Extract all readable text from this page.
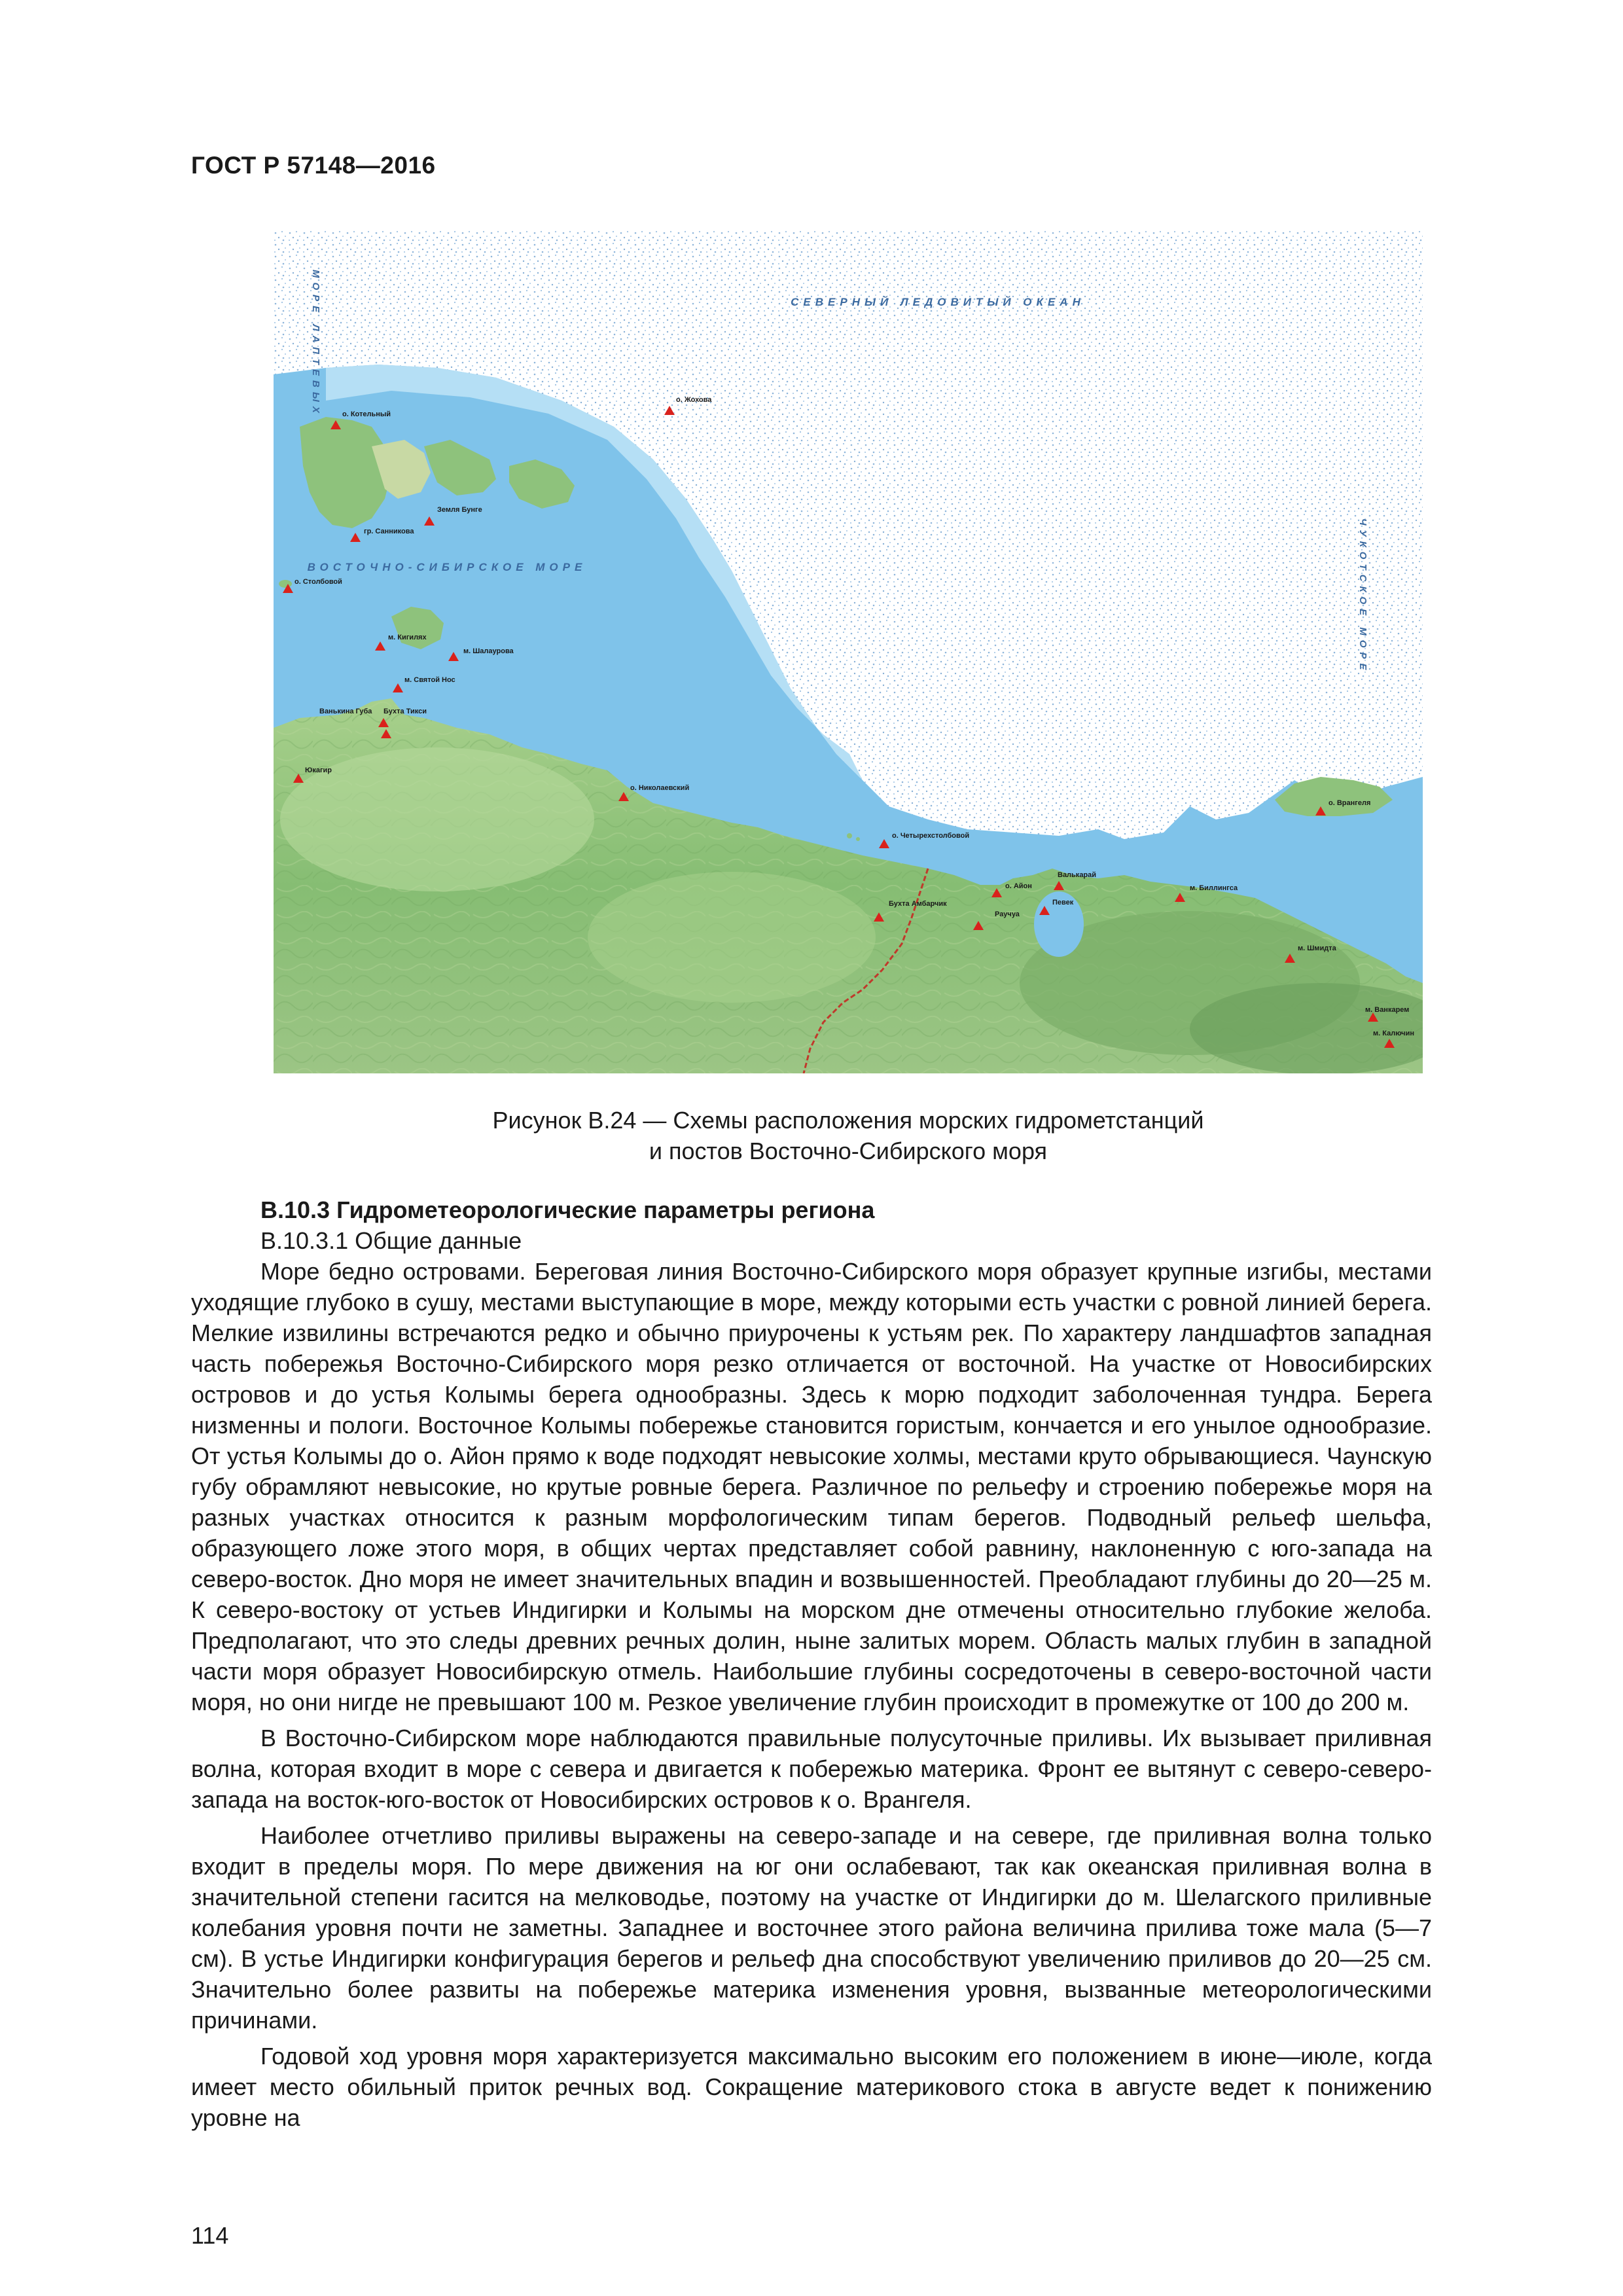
ГОСТ Р 57148—2016
СЕВЕРНЫЙ ЛЕДОВИТЫЙ ОКЕАН
ВОСТОЧНО-СИБИРСКОЕ МОРЕ
МОРЕ ЛАПТЕВЫХ
ЧУКОТСКОЕ МОРЕ
о. Жохова
о. Котельный
Земля Бунге
гр. Санникова
о. Столбовой
м. Кигилях
м. Шалаурова
м. Святой Нос
Ванькина Губа Бухта Тикси
Юкагир
о. Николаевский
о. Четырехстолбовой
Бухта Амбарчик
о. Айон
Валькарай
Певек
Раучуа
м. Биллингса
о. Врангеля
м. Шмидта
м. Ванкарем
м. Калючин
Рисунок В.24 — Схемы расположения морских гидрометстанций
и постов Восточно-Сибирского моря
В.10.3 Гидрометеорологические параметры региона
В.10.3.1 Общие данные

Море бедно островами. Береговая линия Восточно-Сибирского моря образует крупные изгибы, местами уходящие глубоко в сушу, местами выступающие в море, между которыми есть участки с ровной линией берега. Мелкие извилины встречаются редко и обычно приурочены к устьям рек. По характеру ландшафтов западная часть побережья Восточно-Сибирского моря резко отличается от восточной. На участке от Новосибирских островов и до устья Колымы берега однообразны. Здесь к морю подходит заболоченная тундра. Берега низменны и пологи. Восточное Колымы побережье становится гористым, кончается и его унылое однообразие. От устья Колымы до о. Айон прямо к воде подходят невысокие холмы, местами круто обрывающиеся. Чаунскую губу обрамляют невысокие, но крутые ровные берега. Различное по рельефу и строению побережье моря на разных участках относится к разным морфологическим типам берегов. Подводный рельеф шельфа, образующего ложе этого моря, в общих чертах представляет собой равнину, наклоненную с юго-запада на северо-восток. Дно моря не имеет значительных впадин и возвышенностей. Преобладают глубины до 20—25 м. К северо-востоку от устьев Индигирки и Колымы на морском дне отмечены относительно глубокие желоба. Предполагают, что это следы древних речных долин, ныне залитых морем. Область малых глубин в западной части моря образует Новосибирскую отмель. Наибольшие глубины сосредоточены в северо-восточной части моря, но они нигде не превышают 100 м. Резкое увеличение глубин происходит в промежутке от 100 до 200 м.

В Восточно-Сибирском море наблюдаются правильные полусуточные приливы. Их вызывает приливная волна, которая входит в море с севера и двигается к побережью материка. Фронт ее вытянут с северо-северо-запада на восток-юго-восток от Новосибирских островов к о. Врангеля.

Наиболее отчетливо приливы выражены на северо-западе и на севере, где приливная волна только входит в пределы моря. По мере движения на юг они ослабевают, так как океанская приливная волна в значительной степени гасится на мелководье, поэтому на участке от Индигирки до м. Шелагского приливные колебания уровня почти не заметны. Западнее и восточнее этого района величина прилива тоже мала (5—7 см). В устье Индигирки конфигурация берегов и рельеф дна способствуют увеличению приливов до 20—25 см. Значительно более развиты на побережье материка изменения уровня, вызванные метеорологическими причинами.

Годовой ход уровня моря характеризуется максимально высоким его положением в июне—июле, когда имеет место обильный приток речных вод. Сокращение материкового стока в августе ведет к понижению уровне на

114
